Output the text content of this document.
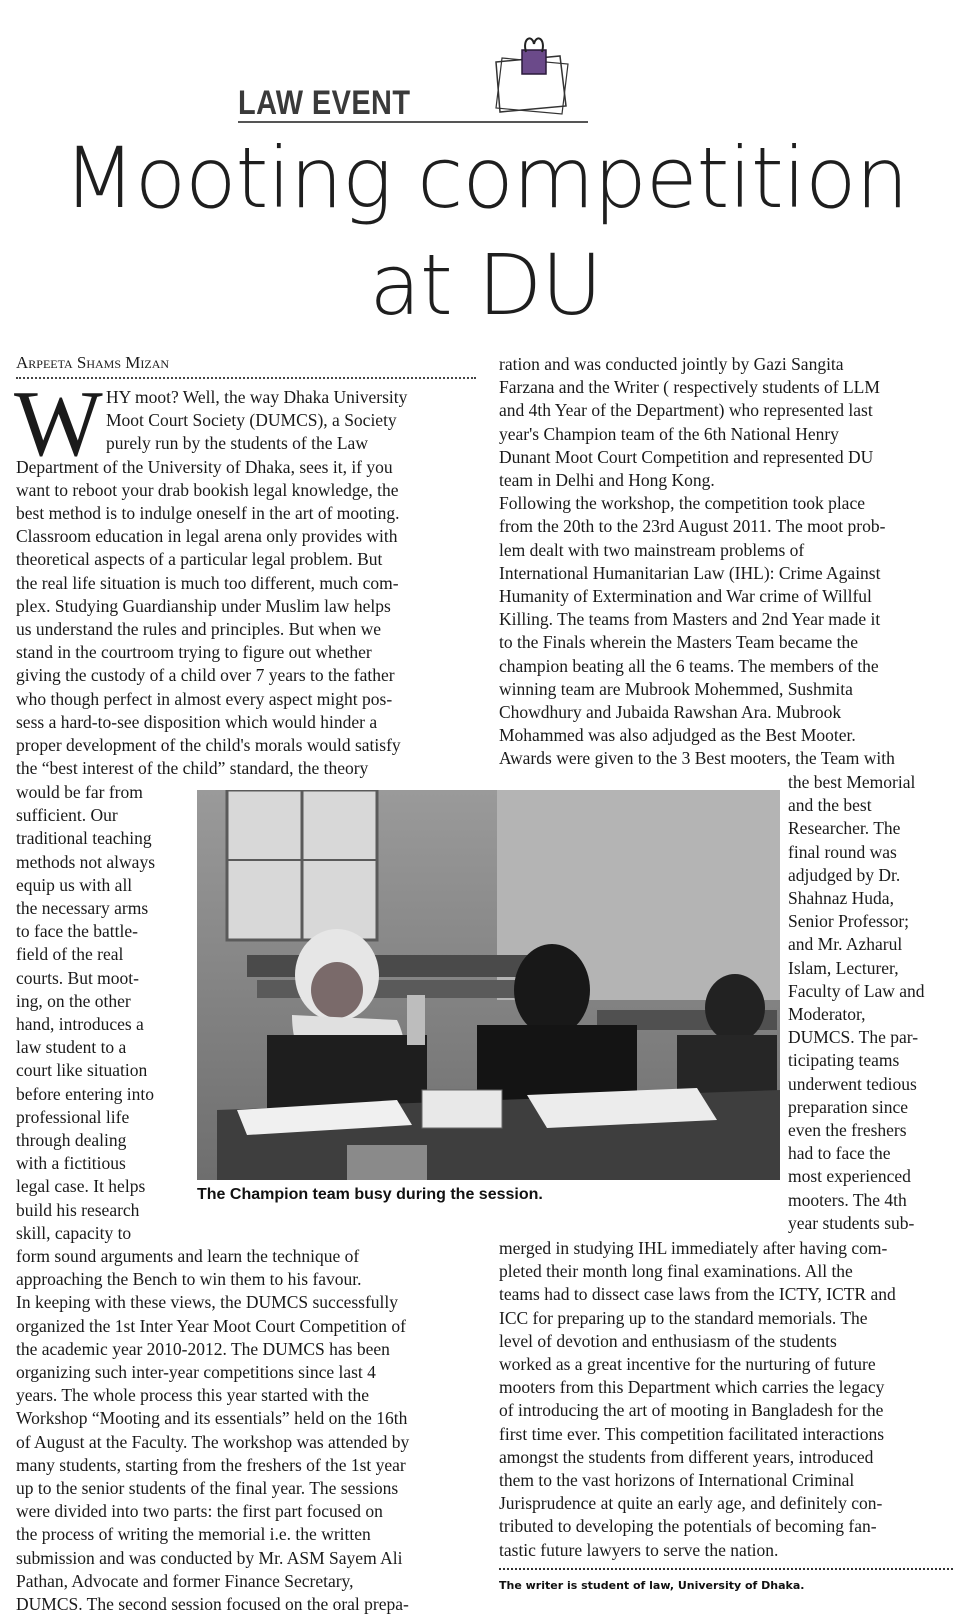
LAW EVENT
Mooting competition
at DU
Arpeeta Shams Mizan
W HY moot? Well, the way Dhaka University
Moot Court Society (DUMCS), a Society
purely run by the students of the Law
Department of the University of Dhaka, sees it, if you
want to reboot your drab bookish legal knowledge, the
best method is to indulge oneself in the art of mooting.
Classroom education in legal arena only provides with
theoretical aspects of a particular legal problem. But
the real life situation is much too different, much com-
plex. Studying Guardianship under Muslim law helps
us understand the rules and principles. But when we
stand in the courtroom trying to figure out whether
giving the custody of a child over 7 years to the father
who though perfect in almost every aspect might pos-
sess a hard-to-see disposition which would hinder a
proper development of the child's morals would satisfy
the “best interest of the child” standard, the theory
would be far from
sufficient. Our
traditional teaching
methods not always
equip us with all
the necessary arms
to face the battle-
field of the real
courts. But moot-
ing, on the other
hand, introduces a
law student to a
court like situation
before entering into
professional life
through dealing
with a fictitious
legal case. It helps
build his research
skill, capacity to
form sound arguments and learn the technique of
approaching the Bench to win them to his favour.
In keeping with these views, the DUMCS successfully
organized the 1st Inter Year Moot Court Competition of
the academic year 2010-2012. The DUMCS has been
organizing such inter-year competitions since last 4
years. The whole process this year started with the
Workshop “Mooting and its essentials” held on the 16th
of August at the Faculty. The workshop was attended by
many students, starting from the freshers of the 1st year
up to the senior students of the final year. The sessions
were divided into two parts: the first part focused on
the process of writing the memorial i.e. the written
submission and was conducted by Mr. ASM Sayem Ali
Pathan, Advocate and former Finance Secretary,
DUMCS. The second session focused on the oral prepa-
ration and was conducted jointly by Gazi Sangita
Farzana and the Writer ( respectively students of LLM
and 4th Year of the Department) who represented last
year's Champion team of the 6th National Henry
Dunant Moot Court Competition and represented DU
team in Delhi and Hong Kong.
Following the workshop, the competition took place
from the 20th to the 23rd August 2011. The moot prob-
lem dealt with two mainstream problems of
International Humanitarian Law (IHL): Crime Against
Humanity of Extermination and War crime of Willful
Killing. The teams from Masters and 2nd Year made it
to the Finals wherein the Masters Team became the
champion beating all the 6 teams. The members of the
winning team are Mubrook Mohemmed, Sushmita
Chowdhury and Jubaida Rawshan Ara. Mubrook
Mohammed was also adjudged as the Best Mooter.
Awards were given to the 3 Best mooters, the Team with
the best Memorial
and the best
Researcher. The
final round was
adjudged by Dr.
Shahnaz Huda,
Senior Professor;
and Mr. Azharul
Islam, Lecturer,
Faculty of Law and
Moderator,
DUMCS. The par-
ticipating teams
underwent tedious
preparation since
even the freshers
had to face the
most experienced
mooters. The 4th
year students sub-
merged in studying IHL immediately after having com-
pleted their month long final examinations. All the
teams had to dissect case laws from the ICTY, ICTR and
ICC for preparing up to the standard memorials. The
level of devotion and enthusiasm of the students
worked as a great incentive for the nurturing of future
mooters from this Department which carries the legacy
of introducing the art of mooting in Bangladesh for the
first time ever. This competition facilitated interactions
amongst the students from different years, introduced
them to the vast horizons of International Criminal
Jurisprudence at quite an early age, and definitely con-
tributed to developing the potentials of becoming fan-
tastic future lawyers to serve the nation.
The Champion team busy during the session.
The writer is student of law, University of Dhaka.
